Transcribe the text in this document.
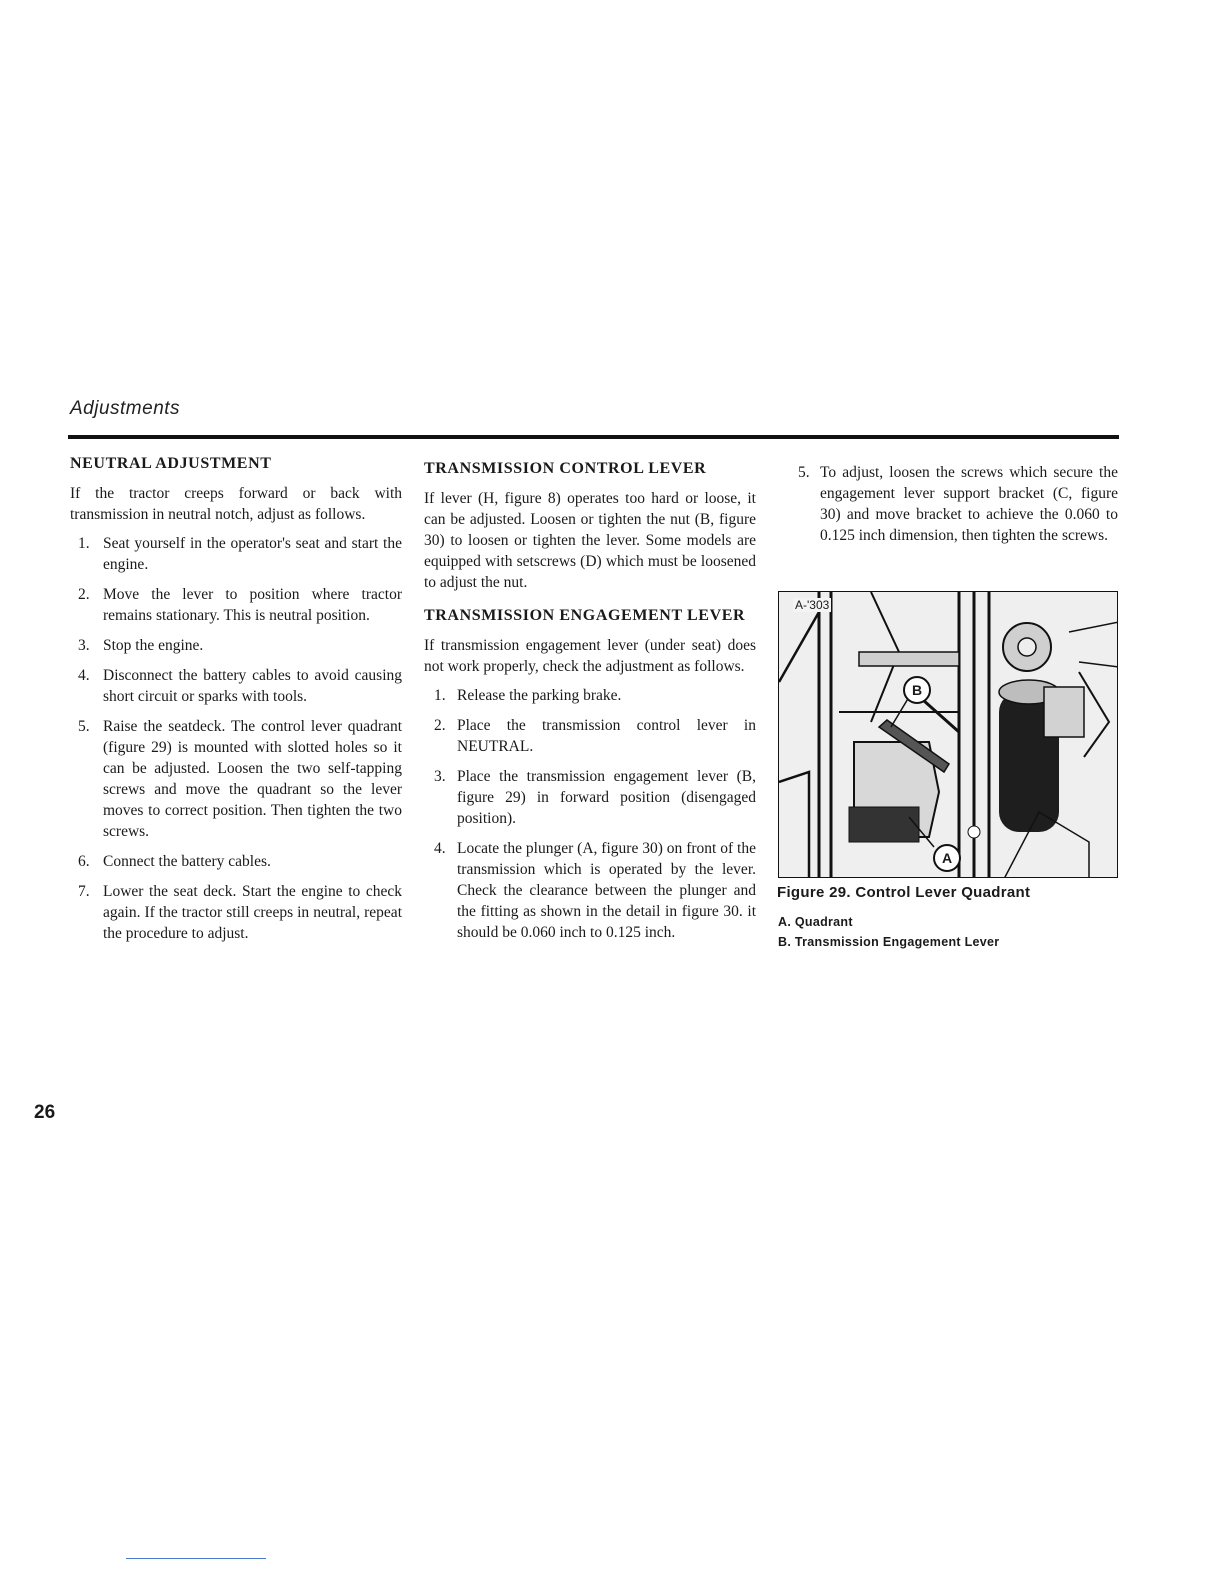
Adjustments
NEUTRAL ADJUSTMENT

If the tractor creeps forward or back with transmission in neutral notch, adjust as follows.

1. Seat yourself in the operator's seat and start the engine.
2. Move the lever to position where tractor remains stationary. This is neutral position.
3. Stop the engine.
4. Disconnect the battery cables to avoid causing short circuit or sparks with tools.
5. Raise the seatdeck. The control lever quadrant (figure 29) is mounted with slotted holes so it can be adjusted. Loosen the two self-tapping screws and move the quadrant so the lever moves to correct position. Then tighten the two screws.
6. Connect the battery cables.
7. Lower the seat deck. Start the engine to check again. If the tractor still creeps in neutral, repeat the procedure to adjust.
TRANSMISSION CONTROL LEVER

If lever (H, figure 8) operates too hard or loose, it can be adjusted. Loosen or tighten the nut (B, figure 30) to loosen or tighten the lever. Some models are equipped with setscrews (D) which must be loosened to adjust the nut.

TRANSMISSION ENGAGEMENT LEVER

If transmission engagement lever (under seat) does not work properly, check the adjustment as follows.

1. Release the parking brake.
2. Place the transmission control lever in NEUTRAL.
3. Place the transmission engagement lever (B, figure 29) in forward position (disengaged position).
4. Locate the plunger (A, figure 30) on front of the transmission which is operated by the lever. Check the clearance between the plunger and the fitting as shown in the detail in figure 30. it should be 0.060 inch to 0.125 inch.
5. To adjust, loosen the screws which secure the engagement lever support bracket (C, figure 30) and move bracket to achieve the 0.060 to 0.125 inch dimension, then tighten the screws.
A-'303
B
A
Figure 29. Control Lever Quadrant
A. Quadrant
B. Transmission Engagement Lever
26
